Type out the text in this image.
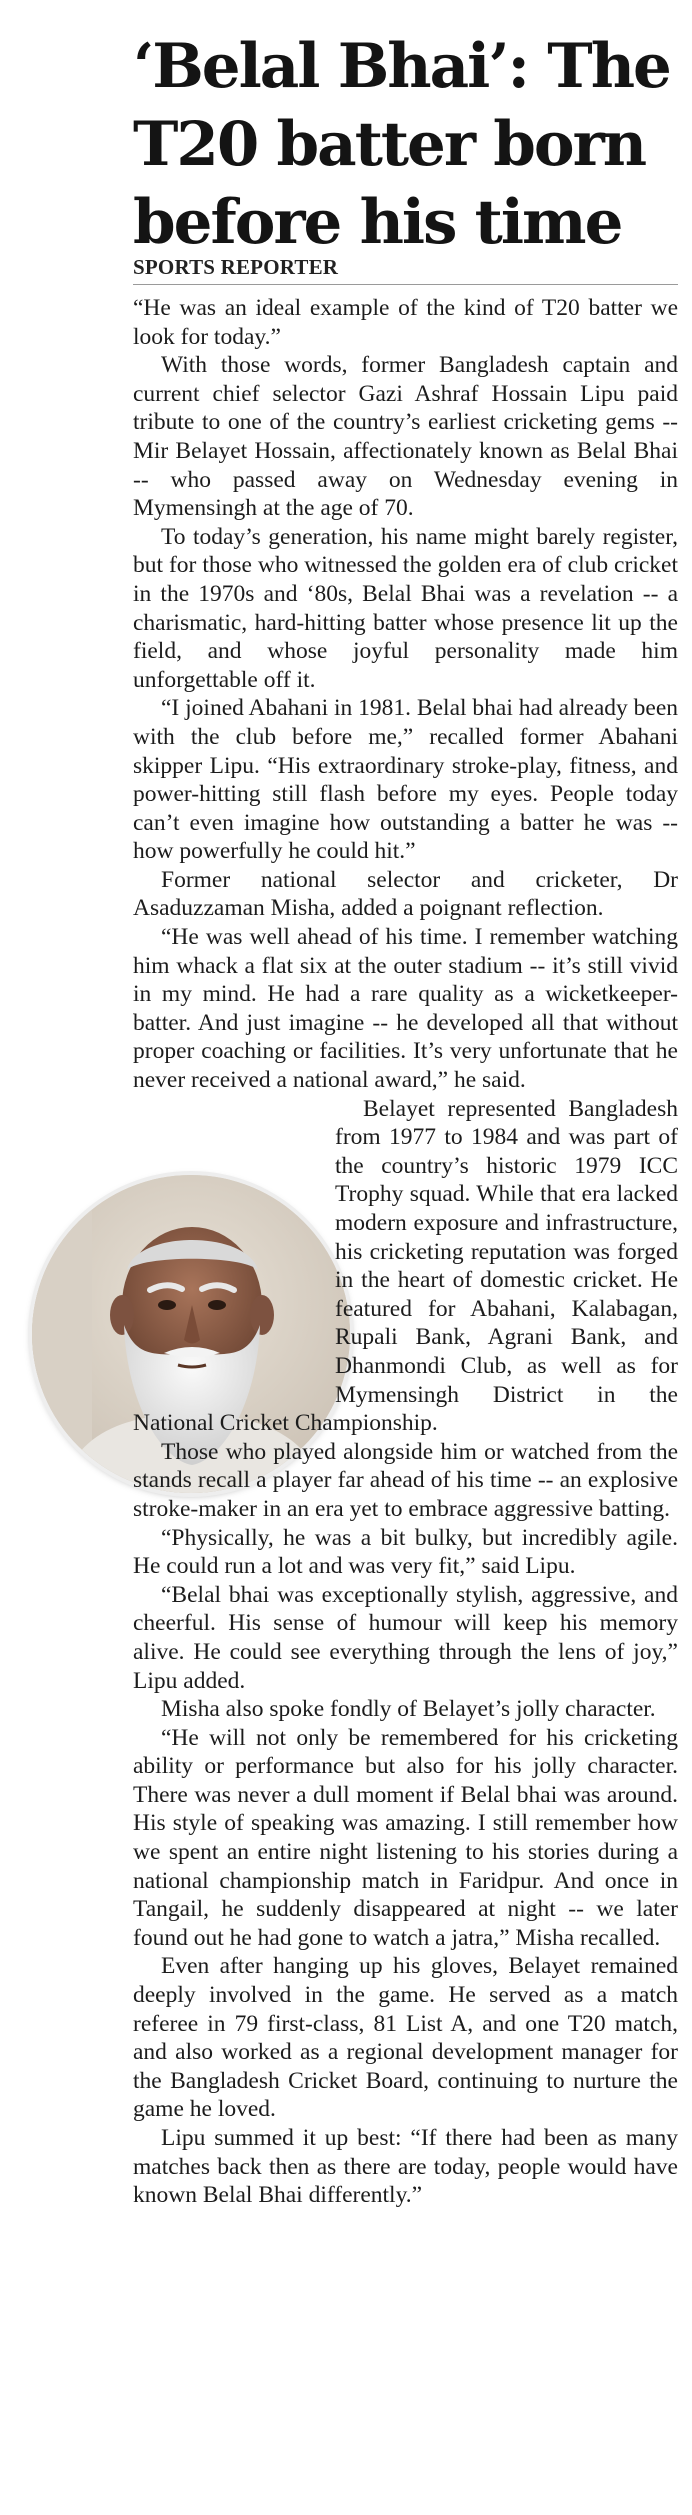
‘Belal Bhai’: The
T20 batter born
before his time
SPORTS REPORTER

“He was an ideal example of the kind of T20 batter we look for today.”

With those words, former Bangladesh captain and current chief selector Gazi Ashraf Hossain Lipu paid tribute to one of the country’s earliest cricketing gems -- Mir Belayet Hossain, affectionately known as Belal Bhai -- who passed away on Wednesday evening in Mymensingh at the age of 70.

To today’s generation, his name might barely register, but for those who witnessed the golden era of club cricket in the 1970s and ‘80s, Belal Bhai was a revelation -- a charismatic, hard-hitting batter whose presence lit up the field, and whose joyful personality made him unforgettable off it.

“I joined Abahani in 1981. Belal bhai had already been with the club before me,” recalled former Abahani skipper Lipu. “His extraordinary stroke-play, fitness, and power-hitting still flash before my eyes. People today can’t even imagine how outstanding a batter he was -- how powerfully he could hit.”

Former national selector and cricketer, Dr Asaduzzaman Misha, added a poignant reflection.

“He was well ahead of his time. I remember watching him whack a flat six at the outer stadium -- it’s still vivid in my mind. He had a rare quality as a wicketkeeper-batter. And just imagine -- he developed all that without proper coaching or facilities. It’s very unfortunate that he never received a national award,” he said.

Belayet represented Bangladesh from 1977 to 1984 and was part of the country’s historic 1979 ICC Trophy squad. While that era lacked modern exposure and infrastructure, his cricketing reputation was forged in the heart of domestic cricket. He featured for Abahani, Kalabagan, Rupali Bank, Agrani Bank, and Dhanmondi Club, as well as for Mymensingh District in the National Cricket Championship.

Those who played alongside him or watched from the stands recall a player far ahead of his time -- an explosive stroke-maker in an era yet to embrace aggressive batting.

“Physically, he was a bit bulky, but incredibly agile. He could run a lot and was very fit,” said Lipu.

“Belal bhai was exceptionally stylish, aggressive, and cheerful. His sense of humour will keep his memory alive. He could see everything through the lens of joy,” Lipu added.

Misha also spoke fondly of Belayet’s jolly character.

“He will not only be remembered for his cricketing ability or performance but also for his jolly character. There was never a dull moment if Belal bhai was around. His style of speaking was amazing. I still remember how we spent an entire night listening to his stories during a national championship match in Faridpur. And once in Tangail, he suddenly disappeared at night -- we later found out he had gone to watch a jatra,” Misha recalled.

Even after hanging up his gloves, Belayet remained deeply involved in the game. He served as a match referee in 79 first-class, 81 List A, and one T20 match, and also worked as a regional development manager for the Bangladesh Cricket Board, continuing to nurture the game he loved.

Lipu summed it up best: “If there had been as many matches back then as there are today, people would have known Belal Bhai differently.”
